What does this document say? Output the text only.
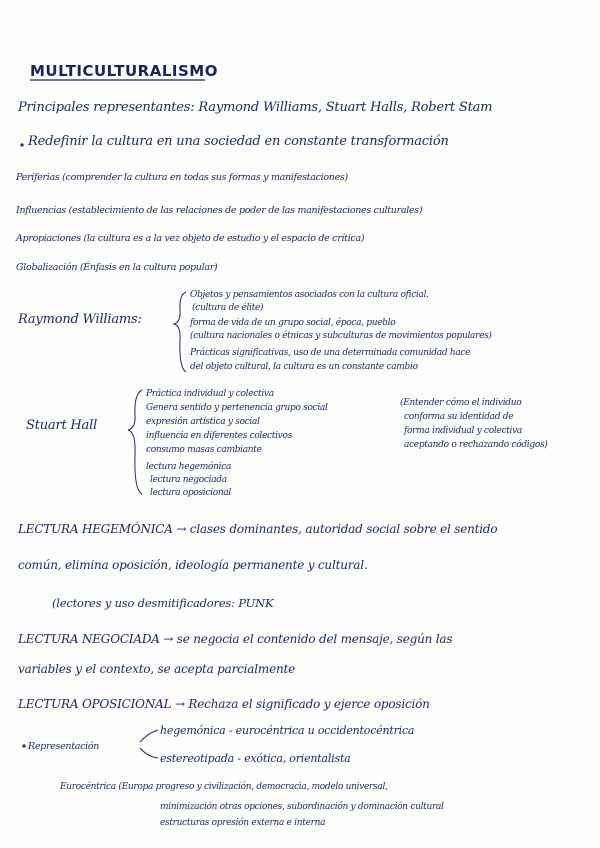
MULTICULTURALISMO
Principales representantes: Raymond Williams, Stuart Halls, Robert Stam
Redefinir la cultura en una sociedad en constante transformación
Periferias (comprender la cultura en todas sus formas y manifestaciones)
Influencias (establecimiento de las relaciones de poder de las manifestaciones culturales)
Apropiaciones (la cultura es a la vez objeto de estudio y el espacio de crítica)
Globalización (Énfasis en la cultura popular)
Raymond Williams:
Objetos y pensamientos asociados con la cultura oficial.
(cultura de élite)
forma de vida de un grupo social, época, pueblo
(cultura nacionales o étnicas y subculturas de movimientos populares)
Prácticas significativas, uso de una determinada comunidad hace
del objeto cultural, la cultura es un constante cambio
Stuart Hall
Práctica individual y colectiva
Genera sentido y pertenencia grupo social
expresión artística y social
influencia en diferentes colectivos
consumo masas cambiante
lectura hegemónica
lectura negociada
lectura oposicional
(Entender cómo el individuo
conforma su identidad de
forma individual y colectiva
aceptando o rechazando códigos)
LECTURA HEGEMÓNICA → clases dominantes, autoridad social sobre el sentido
común, elimina oposición, ideología permanente y cultural.
(lectores y uso desmitificadores: PUNK
LECTURA NEGOCIADA → se negocia el contenido del mensaje, según las
variables y el contexto, se acepta parcialmente
LECTURA OPOSICIONAL → Rechaza el significado y ejerce oposición
Representación
hegemónica - eurocéntrica u occidentocéntrica
estereotipada - exótica, orientalista
Eurocéntrica (Europa progreso y civilización, democracia, modelo universal,
minimización otras opciones, subordinación y dominación cultural
estructuras opresión externa e interna
